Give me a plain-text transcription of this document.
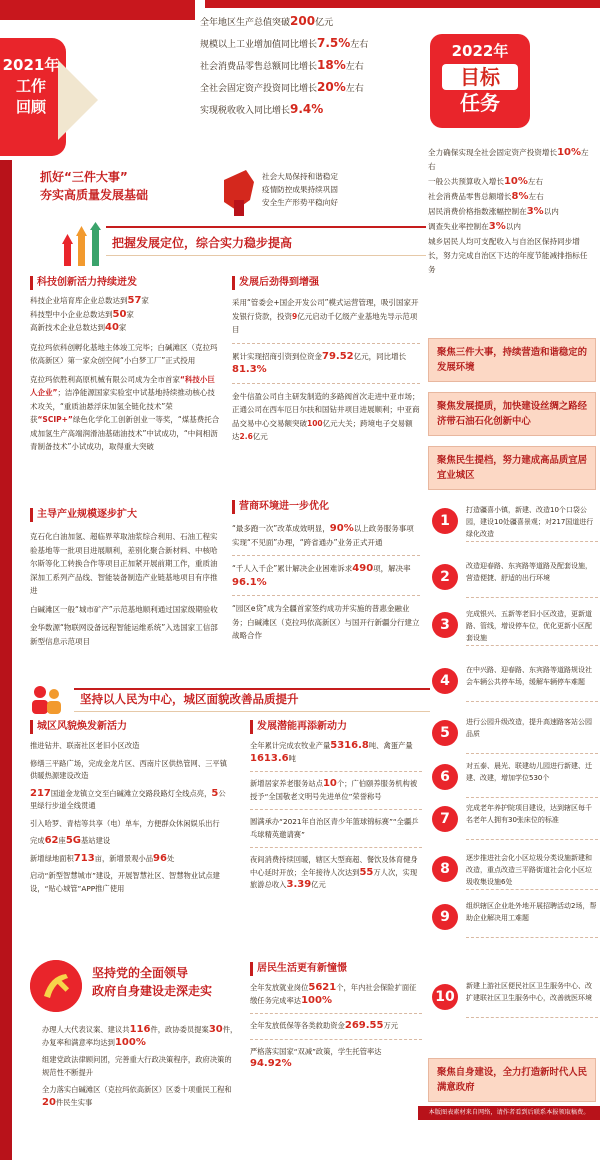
2021年
工作
回顾
全年地区生产总值突破200亿元
规模以上工业增加值同比增长7.5%左右
社会消费品零售总额同比增长18%左右
全社会固定资产投资同比增长20%左右
实现税收收入同比增长9.4%
2022年
目标
任务
全力确保实现全社会固定资产投资增长10%左右
一般公共预算收入增长10%左右
社会消费品零售总额增长8%左右
居民消费价格指数涨幅控制在3%以内
调查失业率控制在3%以内
城乡居民人均可支配收入与自治区保持同步增长，努力完成自治区下达的年度节能减排指标任务
抓好“三件大事”
夯实高质量发展基础
社会大局保持和谐稳定
疫情防控成果持续巩固
安全生产形势平稳向好
把握发展定位，综合实力稳步提高
科技创新活力持续迸发
科技企业培育库企业总数达到57家
科技型中小企业总数达到50家
高新技术企业总数达到40家

克拉玛依科创孵化基地主体竣工完毕；白碱滩区（克拉玛依高新区）第一家众创空间“小白梦工厂”正式投用

克拉玛依胜利高原机械有限公司成为全市首家“科技小巨人企业”；洁净能源国家实验室中试基地持续推动核心技术攻关，“重质油悬浮床加氢全链化技术”荣获“SCIP+”绿色化学化工创新创业一等奖，“煤基费托合成加氢生产高端润滑油基础油技术”中试成功，“中间相沥青制备技术”小试成功，取得重大突破

主导产业规模逐步扩大

克石化白油加氢、超临界萃取油浆综合利用、石油工程实验基地等一批项目进展顺利，差别化聚合新材料、中核哈尔斯等化工转换合作等项目正加紧开展前期工作，重质油深加工系列产品线、智能装备制造产业链基地项目有序推进

白碱滩区一般“城市矿产”示范基地顺利通过国家级期验收

金华数源“物联网设备远程智能运维系统”入选国家工信部新型信息示范项目

发展后劲得到增强

采用“管委会+国企开发公司”模式运营管理，吸引国家开发银行贷款，投资9亿元启动千亿级产业基地先导示范项目

累计实现招商引资到位资金79.52亿元，同比增长81.3%

金牛信盈公司自主研发制造的多路阀首次走进中亚市场；正通公司在西车厄日尔扶和国钻井项目进展顺利；中亚商品交易中心交易额突破100亿元大关；跨境电子交易额达2.6亿元

营商环境进一步优化

“最多跑一次”改革成效明显，90%以上政务服务事项实现“不见面”办理，“跨省通办”业务正式开通

“千人入千企”累计解决企业困难诉求490项，解决率96.1%

“园区e贷”成为全疆首家签约成功并实施的普惠金融业务；白碱滩区（克拉玛依高新区）与国开行新疆分行建立战略合作

聚焦三件大事，持续营造和谐稳定的发展环境
聚焦发展提质，加快建设丝绸之路经济带石油石化创新中心
聚焦民生提档，努力建成高品质宜居宜业城区
1
打造疆喜小镇，新建、改造10个口袋公园，建设10处疆喜景观；对217国道进行绿化改造
2
改造迎春路、东宾路等道路及配套设施，营造便捷、舒适的出行环境
3
完成银兴、五新等老旧小区改造，更新道路、管线，增设停车位，优化更新小区配套设施
4
在中兴路、迎春路、东宾路等道路规设社会车辆公共停车场，缓解车辆停车难题
5
进行公园升级改造，提升高速路客站公园品质
6
对五泰、晨光、联建幼儿园进行新建、迁建、改建，增加学位530个
7
完成老年养护院项目建设，达到辖区每千名老年人拥有30张床位的标准
8
逐步推进社会化小区垃圾分类设施新建和改造，重点改造三平路街道社会化小区垃圾收集设施6处
9
组织辖区企业赴外地开展招聘活动2场，帮助企业解决用工难题
10
新建上游社区便民社区卫生服务中心、改扩建联社区卫生服务中心，改善就医环境
坚持以人民为中心，城区面貌改善品质提升
城区风貌焕发新活力

推进钻井、联南社区老旧小区改造

修缮三平路广场，完成金龙片区、西南片区供热管网、三平镇供暖热源建设改造

217国道金龙镇立交至白碱滩立交路段路灯全线点亮，5公里绿行步道全线贯通

引入哈罗、青桔等共享（电）单车，方便群众休闲娱乐出行

完成62座5G基站建设

新增绿地面积713亩，新增景观小品96处

启动“新型智慧城市”建设，开展智慧社区、智慧物业试点建设，“贴心城管”APP推广使用

发展潜能再添新动力

全年累计完成农牧业产量5316.8吨、禽蛋产量1613.6吨

新增居家养老服务站点10个；广伯颐养服务机构被授予“全国敬老文明号先进单位”荣誉称号

圆满承办“2021年自治区青少年篮球锦标赛”“全疆乒乓球精英邀请赛”

夜间消费持续回暖，辖区大型商超、餐饮及体育健身中心延时开放；全年接待人次达到55万人次，实现旅游总收入3.39亿元

坚持党的全面领导
政府自身建设走深走实

办理人大代表议案、建议共116件，政协委员提案30件，办复率和满意率均达到100%

组建党政法律顾问团，完善重大行政决策程序，政府决策的规范性不断提升

全力落实白碱滩区（克拉玛依高新区）区委十项重民工程和20件民生实事

居民生活更有新憧憬

全年发放就业岗位5621个，年内社会保险扩面征缴任务完成率达100%

全年发放低保等各类救助资金269.55万元

严格落实国家“双减”政策，学生托管率达94.92%

聚焦自身建设，全力打造新时代人民满意政府
本版图表素材来自网络，请作者看到后联系本报领取稿费。
